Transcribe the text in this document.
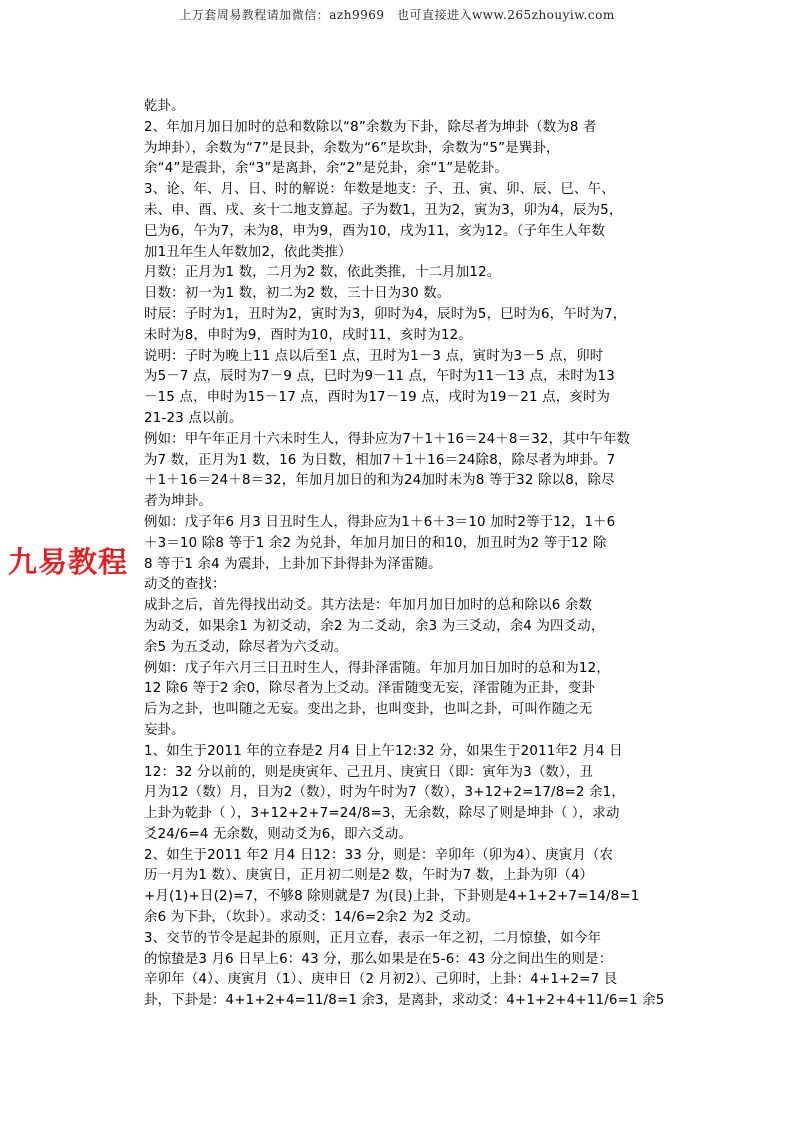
上万套周易教程请加微信：azh9969　也可直接进入www.265zhouyiw.com
九易教程
乾卦。
2、年加月加日加时的总和数除以“8”余数为下卦，除尽者为坤卦（数为8 者
为坤卦），余数为“7”是艮卦，余数为“6”是坎卦，余数为“5”是巽卦，
余“4”是震卦，余“3”是离卦，余“2”是兑卦，余“1”是乾卦。
3、论、年、月、日、时的解说：年数是地支：子、丑、寅、卯、辰、巳、午、
未、申、酉、戌、亥十二地支算起。子为数1，丑为2，寅为3，卯为4，辰为5，
巳为6，午为7，未为8，申为9，酉为10，戌为11，亥为12。（子年生人年数
加1丑年生人年数加2，依此类推）
月数：正月为1 数，二月为2 数，依此类推，十二月加12。
日数：初一为1 数，初二为2 数，三十日为30 数。
时辰：子时为1，丑时为2，寅时为3，卯时为4，辰时为5，巳时为6，午时为7，
未时为8，申时为9，酉时为10，戌时11，亥时为12。
说明：子时为晚上11 点以后至1 点，丑时为1－3 点，寅时为3－5 点，卯时
为5－7 点，辰时为7－9 点，巳时为9－11 点，午时为11－13 点，未时为13
－15 点，申时为15－17 点，酉时为17－19 点，戌时为19－21 点，亥时为
21-23 点以前。
例如：甲午年正月十六未时生人，得卦应为7＋1＋16＝24＋8＝32，其中午年数
为7 数，正月为1 数，16 为日数，相加7＋1＋16＝24除8，除尽者为坤卦。7
＋1＋16＝24＋8＝32，年加月加日的和为24加时未为8 等于32 除以8，除尽
者为坤卦。
例如：戊子年6 月3 日丑时生人，得卦应为1＋6＋3＝10 加时2等于12，1＋6
＋3＝10 除8 等于1 余2 为兑卦，年加月加日的和10，加丑时为2 等于12 除
8 等于1 余4 为震卦，上卦加下卦得卦为泽雷随。
动爻的查找：
成卦之后，首先得找出动爻。其方法是：年加月加日加时的总和除以6 余数
为动爻，如果余1 为初爻动，余2 为二爻动，余3 为三爻动，余4 为四爻动，
余5 为五爻动，除尽者为六爻动。
例如：戊子年六月三日丑时生人，得卦泽雷随。年加月加日加时的总和为12，
12 除6 等于2 余0，除尽者为上爻动。泽雷随变无妄，泽雷随为正卦，变卦
后为之卦，也叫随之无妄。变出之卦，也叫变卦，也叫之卦，可叫作随之无
妄卦。
1、如生于2011 年的立春是2 月4 日上午12:32 分，如果生于2011年2 月4 日
12：32 分以前的，则是庚寅年、己丑月、庚寅日（即：寅年为3（数），丑
月为12（数）月，日为2（数），时为午时为7（数），3+12+2=17/8=2 余1，
上卦为乾卦（ ），3+12+2+7=24/8=3，无余数，除尽了则是坤卦（ ），求动
爻24/6=4 无余数，则动爻为6，即六爻动。
2、如生于2011 年2 月4 日12：33 分，则是：辛卯年（卯为4）、庚寅月（农
历一月为1 数）、庚寅日，正月初二则是2 数，午时为7 数，上卦为卯（4）
+月(1)+日(2)=7，不够8 除则就是7 为(艮)上卦，下卦则是4+1+2+7=14/8=1
余6 为下卦，（坎卦）。求动爻：14/6=2余2 为2 爻动。
3、交节的节令是起卦的原则，正月立春，表示一年之初，二月惊蛰，如今年
的惊蛰是3 月6 日早上6：43 分，那么如果是在5-6：43 分之间出生的则是：
辛卯年（4）、庚寅月（1）、庚申日（2 月初2）、己卯时，上卦：4+1+2=7 艮
卦，下卦是：4+1+2+4=11/8=1 余3，是离卦，求动爻：4+1+2+4+11/6=1 余5
